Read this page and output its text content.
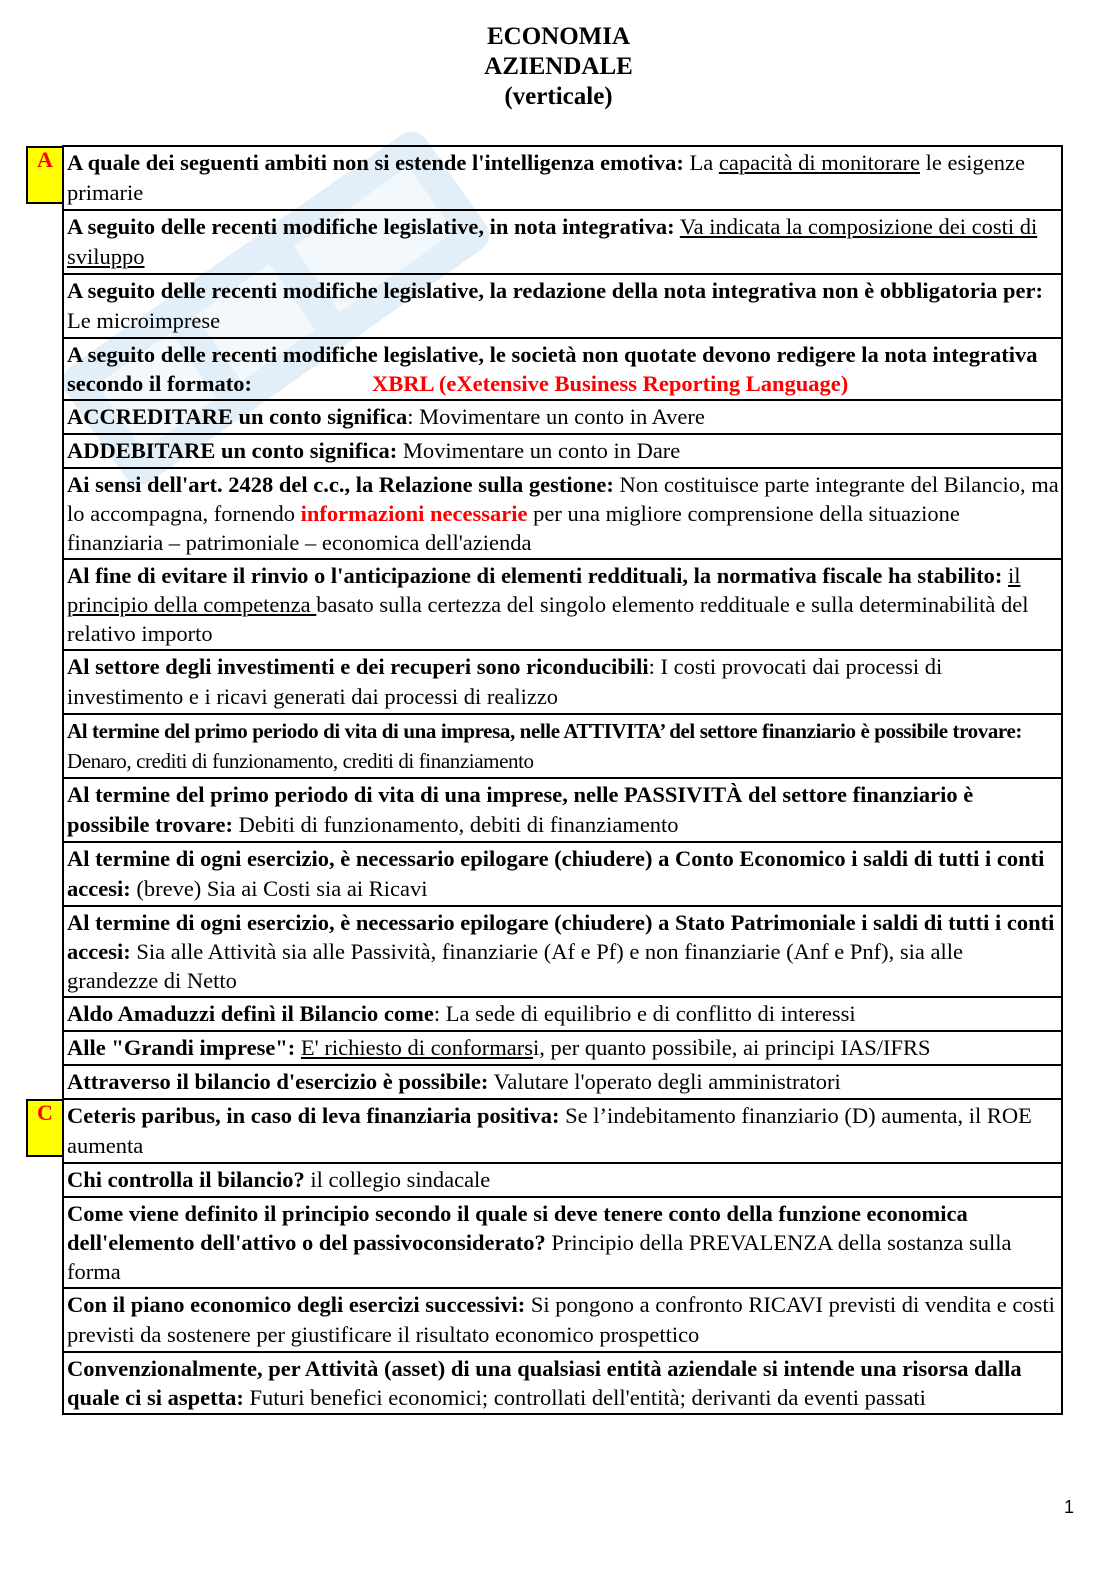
ECONOMIA
AZIENDALE
(verticale)
A	A quale dei seguenti ambiti non si estende l'intelligenza emotiva: La capacità di monitorare le esigenze primarie
	A seguito delle recenti modifiche legislative, in nota integrativa: Va indicata la composizione dei costi di sviluppo
	A seguito delle recenti modifiche legislative, la redazione della nota integrativa non è obbligatoria per: Le microimprese
	A seguito delle recenti modifiche legislative, le società non quotate devono redigere la nota integrativa secondo il formato: XBRL (eXetensive Business Reporting Language)
	ACCREDITARE un conto significa: Movimentare un conto in Avere
	ADDEBITARE un conto significa: Movimentare un conto in Dare
	Ai sensi dell'art. 2428 del c.c., la Relazione sulla gestione: Non costituisce parte integrante del Bilancio, ma lo accompagna, fornendo informazioni necessarie per una migliore comprensione della situazione finanziaria – patrimoniale – economica dell'azienda
	Al fine di evitare il rinvio o l'anticipazione di elementi reddituali, la normativa fiscale ha stabilito: il principio della competenza basato sulla certezza del singolo elemento reddituale e sulla determinabilità del relativo importo
	Al settore degli investimenti e dei recuperi sono riconducibili: I costi provocati dai processi di investimento e i ricavi generati dai processi di realizzo
	Al termine del primo periodo di vita di una impresa, nelle ATTIVITA’ del settore finanziario è possibile trovare: Denaro, crediti di funzionamento, crediti di finanziamento
	Al termine del primo periodo di vita di una imprese, nelle PASSIVITÀ del settore finanziario è possibile trovare: Debiti di funzionamento, debiti di finanziamento
	Al termine di ogni esercizio, è necessario epilogare (chiudere) a Conto Economico i saldi di tutti i conti accesi: (breve) Sia ai Costi sia ai Ricavi
	Al termine di ogni esercizio, è necessario epilogare (chiudere) a Stato Patrimoniale i saldi di tutti i conti accesi: Sia alle Attività sia alle Passività, finanziarie (Af e Pf) e non finanziarie (Anf e Pnf), sia alle grandezze di Netto
	Aldo Amaduzzi definì il Bilancio come: La sede di equilibrio e di conflitto di interessi
	Alle "Grandi imprese": E' richiesto di conformarsi, per quanto possibile, ai principi IAS/IFRS
	Attraverso il bilancio d'esercizio è possibile: Valutare l'operato degli amministratori

C	Ceteris paribus, in caso di leva finanziaria positiva: Se l’indebitamento finanziario (D) aumenta, il ROE aumenta
	Chi controlla il bilancio? il collegio sindacale
	Come viene definito il principio secondo il quale si deve tenere conto della funzione economica dell'elemento dell'attivo o del passivoconsiderato? Principio della PREVALENZA della sostanza sulla forma
	Con il piano economico degli esercizi successivi: Si pongono a confronto RICAVI previsti di vendita e costi previsti da sostenere per giustificare il risultato economico prospettico
	Convenzionalmente, per Attività (asset) di una qualsiasi entità aziendale si intende una risorsa dalla quale ci si aspetta: Futuri benefici economici; controllati dell'entità; derivanti da eventi passati
1
